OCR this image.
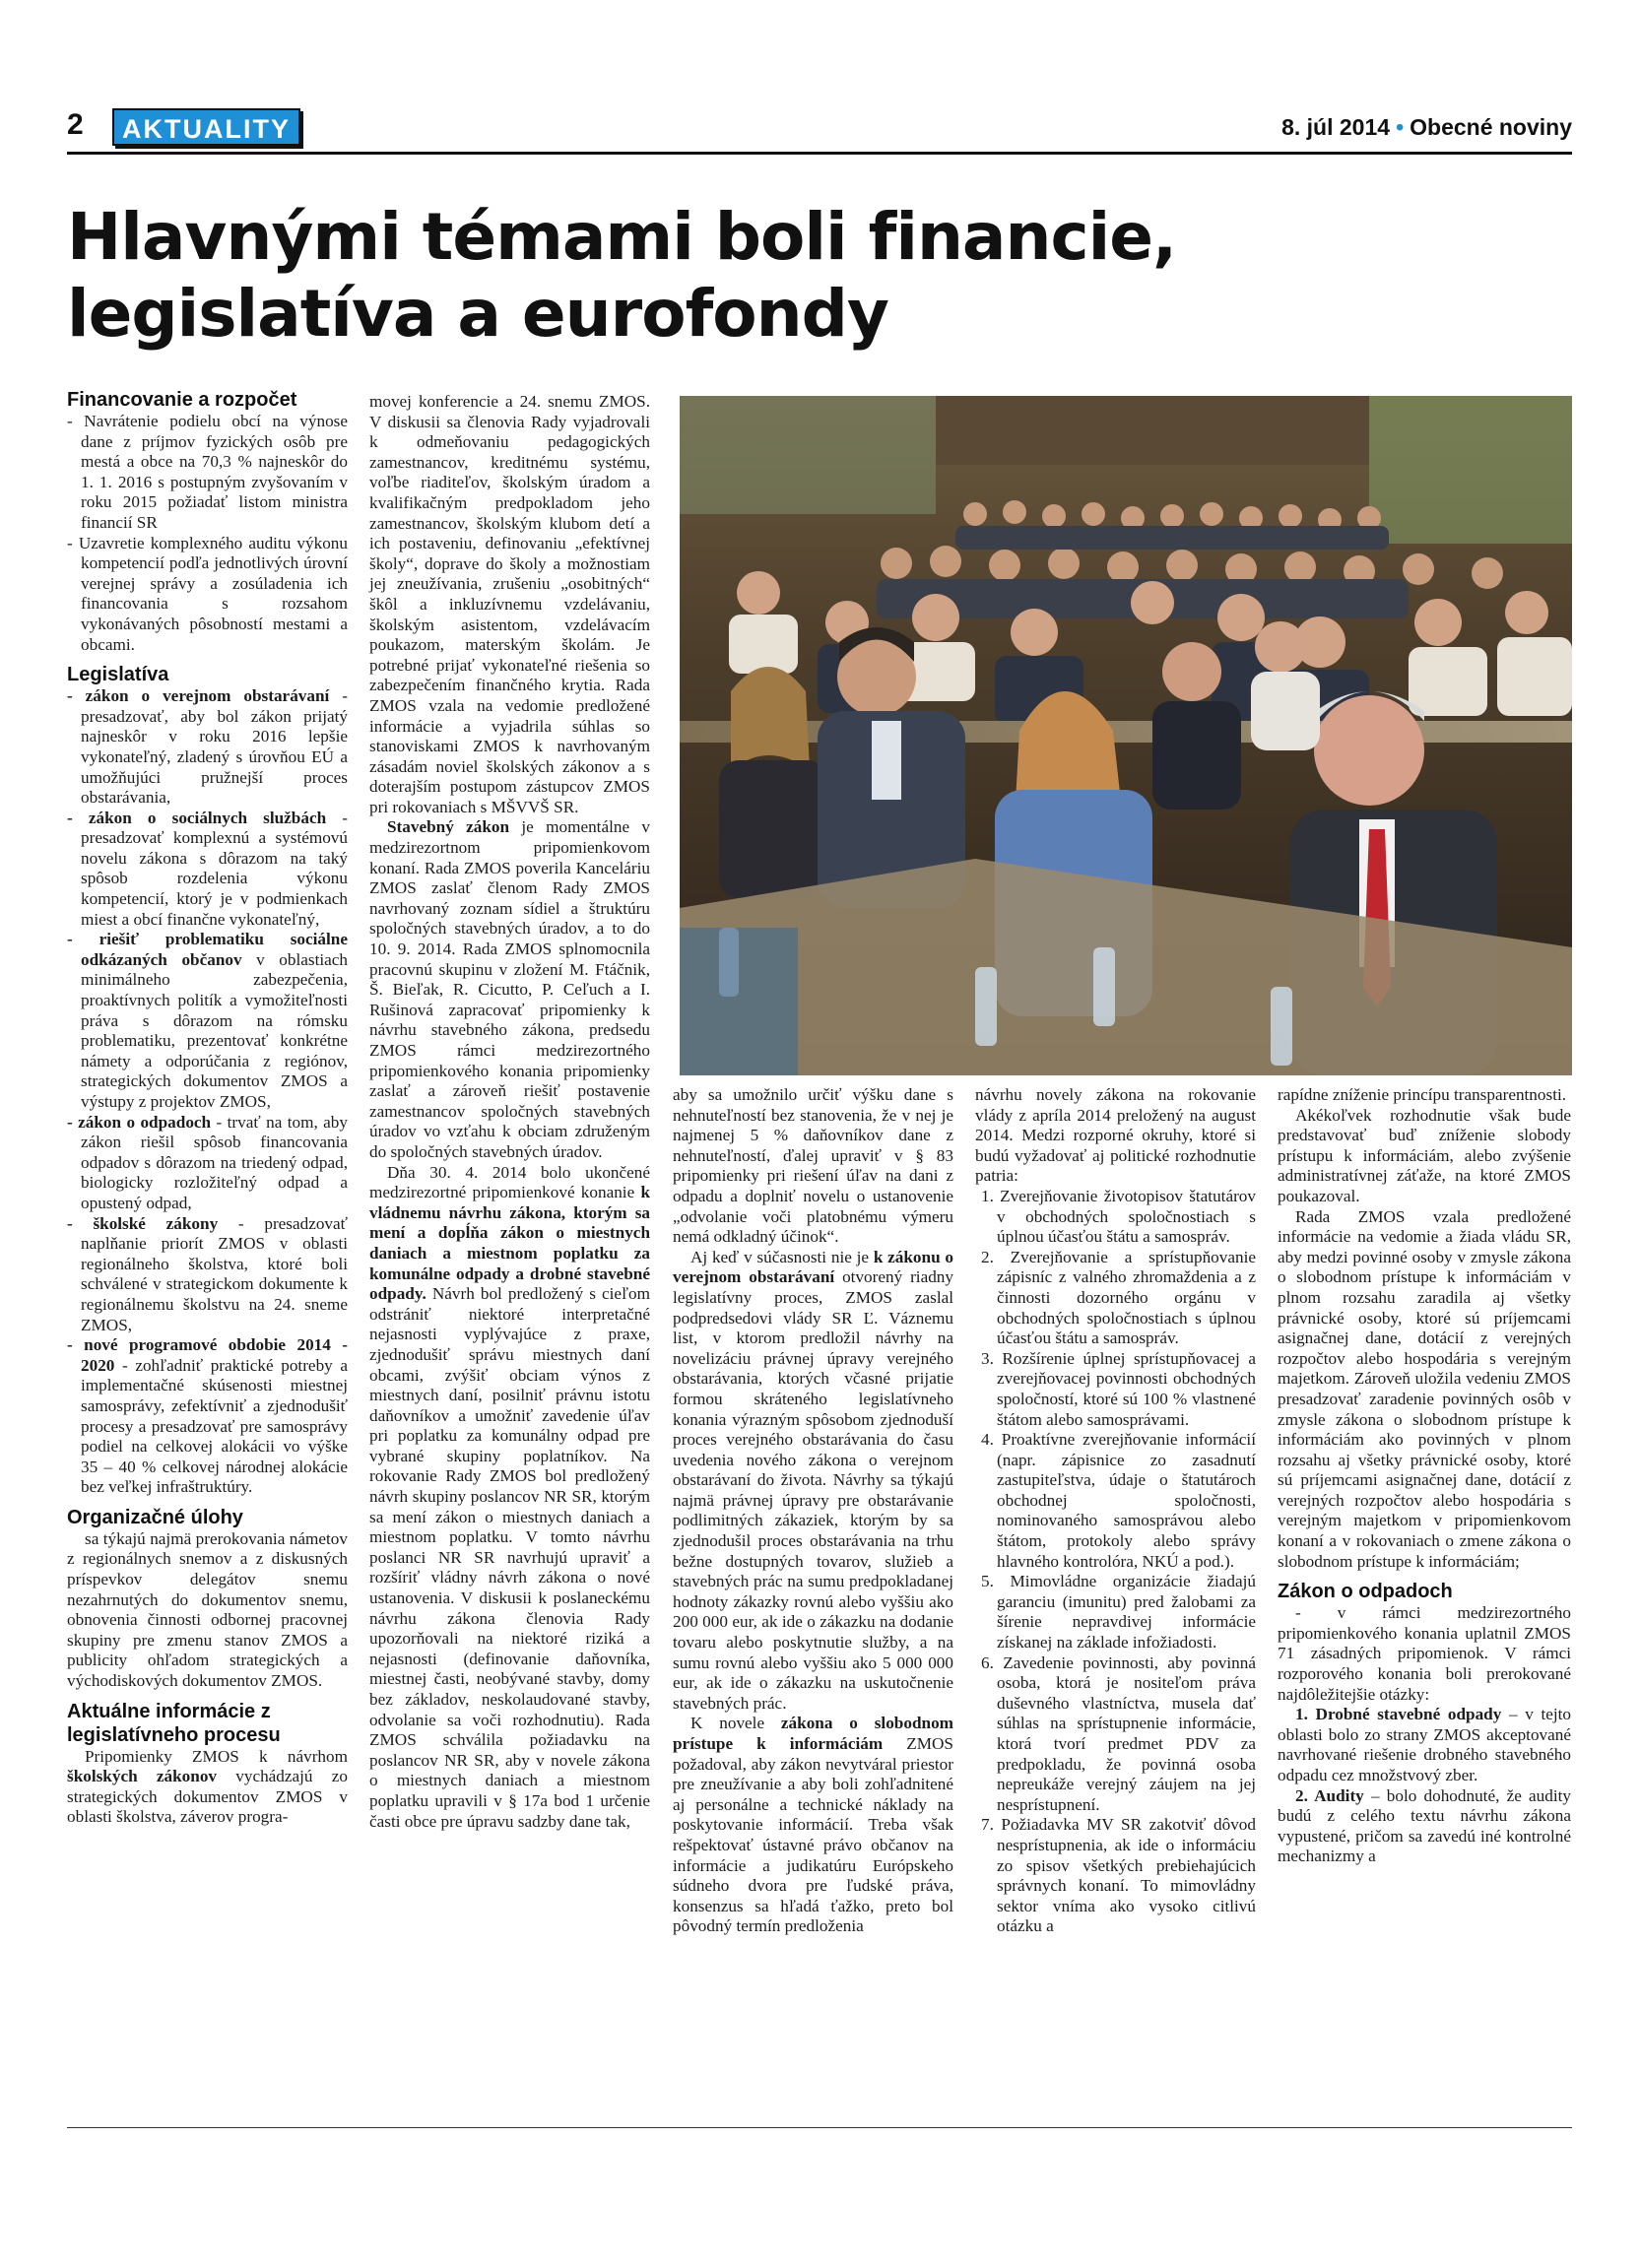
2	AKTUALITY	8. júl 2014 • Obecné noviny
Hlavnými témami boli financie,
legislatíva a eurofondy

Financovanie a rozpočet

- Navrátenie podielu obcí na výnose dane z príjmov fyzických osôb pre mestá a obce na 70,3 % najneskôr do 1. 1. 2016 s postupným zvyšovaním v roku 2015 požiadať listom ministra financií SR

- Uzavretie komplexného auditu výkonu kompetencií podľa jednotlivých úrovní verejnej správy a zosúladenia ich financovania s rozsahom vykonávaných pôsobností mestami a obcami.

Legislatíva

- zákon o verejnom obstarávaní - presadzovať, aby bol zákon prijatý najneskôr v roku 2016 lepšie vykonateľný, zladený s úrovňou EÚ a umožňujúci pružnejší proces obstarávania,

- zákon o sociálnych službách - presadzovať komplexnú a systémovú novelu zákona s dôrazom na taký spôsob rozdelenia výkonu kompetencií, ktorý je v podmienkach miest a obcí finančne vykonateľný,

- riešiť problematiku sociálne odkázaných občanov v oblastiach minimálneho zabezpečenia, proaktívnych politík a vymožiteľnosti práva s dôrazom na rómsku problematiku, prezentovať konkrétne námety a odporúčania z regiónov, strategických dokumentov ZMOS a výstupy z projektov ZMOS,

- zákon o odpadoch - trvať na tom, aby zákon riešil spôsob financovania odpadov s dôrazom na triedený odpad, biologicky rozložiteľný odpad a opustený odpad,

- školské zákony - presadzovať naplňanie priorít ZMOS v oblasti regionálneho školstva, ktoré boli schválené v strategickom dokumente k regionálnemu školstvu na 24. sneme ZMOS,

- nové programové obdobie 2014 - 2020 - zohľadniť praktické potreby a implementačné skúsenosti miestnej samosprávy, zefektívniť a zjednodušiť procesy a presadzovať pre samosprávy podiel na celkovej alokácii vo výške 35 – 40 % celkovej národnej alokácie bez veľkej infraštruktúry.

Organizačné úlohy

sa týkajú najmä prerokovania námetov z regionálnych snemov a z diskusných príspevkov delegátov snemu nezahrnutých do dokumentov snemu, obnovenia činnosti odbornej pracovnej skupiny pre zmenu stanov ZMOS a publicity ohľadom strategických a východiskových dokumentov ZMOS.

Aktuálne informácie z legislatívneho procesu

Pripomienky ZMOS k návrhom školských zákonov vychádzajú zo strategických dokumentov ZMOS v oblasti školstva, záverov progra-

movej konferencie a 24. snemu ZMOS. V diskusii sa členovia Rady vyjadrovali k odmeňovaniu pedagogických zamestnancov, kreditnému systému, voľbe riaditeľov, školským úradom a kvalifikačným predpokladom jeho zamestnancov, školským klubom detí a ich postaveniu, definovaniu „efektívnej školy“, doprave do školy a možnostiam jej zneužívania, zrušeniu „osobitných“ škôl a inkluzívnemu vzdelávaniu, školským asistentom, vzdelávacím poukazom, materským školám. Je potrebné prijať vykonateľné riešenia so zabezpečením finančného krytia. Rada ZMOS vzala na vedomie predložené informácie a vyjadrila súhlas so stanoviskami ZMOS k navrhovaným zásadám noviel školských zákonov a s doterajším postupom zástupcov ZMOS pri rokovaniach s MŠVVŠ SR.

Stavebný zákon je momentálne v medzirezortnom pripomienkovom konaní. Rada ZMOS poverila Kanceláriu ZMOS zaslať členom Rady ZMOS navrhovaný zoznam sídiel a štruktúru spoločných stavebných úradov, a to do 10. 9. 2014. Rada ZMOS splnomocnila pracovnú skupinu v zložení M. Ftáčnik, Š. Bieľak, R. Cicutto, P. Ceľuch a I. Rušinová zapracovať pripomienky k návrhu stavebného zákona, predsedu ZMOS rámci medzirezortného pripomienkového konania pripomienky zaslať a zároveň riešiť postavenie zamestnancov spoločných stavebných úradov vo vzťahu k obciam združeným do spoločných stavebných úradov.

Dňa 30. 4. 2014 bolo ukončené medzirezortné pripomienkové konanie k vládnemu návrhu zákona, ktorým sa mení a dopĺňa zákon o miestnych daniach a miestnom poplatku za komunálne odpady a drobné stavebné odpady. Návrh bol predložený s cieľom odstrániť niektoré interpretačné nejasnosti vyplývajúce z praxe, zjednodušiť správu miestnych daní obcami, zvýšiť obciam výnos z miestnych daní, posilniť právnu istotu daňovníkov a umožniť zavedenie úľav pri poplatku za komunálny odpad pre vybrané skupiny poplatníkov. Na rokovanie Rady ZMOS bol predložený návrh skupiny poslancov NR SR, ktorým sa mení zákon o miestnych daniach a miestnom poplatku. V tomto návrhu poslanci NR SR navrhujú upraviť a rozšíriť vládny návrh zákona o nové ustanovenia. V diskusii k poslaneckému návrhu zákona členovia Rady upozorňovali na niektoré riziká a nejasnosti (definovanie daňovníka, miestnej časti, neobývané stavby, domy bez základov, neskolaudované stavby, odvolanie sa voči rozhodnutiu). Rada ZMOS schválila požiadavku na poslancov NR SR, aby v novele zákona o miestnych daniach a miestnom poplatku upravili v § 17a bod 1 určenie časti obce pre úpravu sadzby dane tak,

aby sa umožnilo určiť výšku dane s nehnuteľností bez stanovenia, že v nej je najmenej 5 % daňovníkov dane z nehnuteľností, ďalej upraviť v § 83 pripomienky pri riešení úľav na dani z odpadu a doplniť novelu o ustanovenie „odvolanie voči platobnému výmeru nemá odkladný účinok“.

Aj keď v súčasnosti nie je k zákonu o verejnom obstarávaní otvorený riadny legislatívny proces, ZMOS zaslal podpredsedovi vlády SR Ľ. Váznemu list, v ktorom predložil návrhy na novelizáciu právnej úpravy verejného obstarávania, ktorých včasné prijatie formou skráteného legislatívneho konania výrazným spôsobom zjednoduší proces verejného obstarávania do času uvedenia nového zákona o verejnom obstarávaní do života. Návrhy sa týkajú najmä právnej úpravy pre obstarávanie podlimitných zákaziek, ktorým by sa zjednodušil proces obstarávania na trhu bežne dostupných tovarov, služieb a stavebných prác na sumu predpokladanej hodnoty zákazky rovnú alebo vyššiu ako 200 000 eur, ak ide o zákazku na dodanie tovaru alebo poskytnutie služby, a na sumu rovnú alebo vyššiu ako 5 000 000 eur, ak ide o zákazku na uskutočnenie stavebných prác.

K novele zákona o slobodnom prístupe k informáciám ZMOS požadoval, aby zákon nevytváral priestor pre zneužívanie a aby boli zohľadnitené aj personálne a technické náklady na poskytovanie informácií. Treba však rešpektovať ústavné právo občanov na informácie a judikatúru Európskeho súdneho dvora pre ľudské práva, konsenzus sa hľadá ťažko, preto bol pôvodný termín predloženia

návrhu novely zákona na rokovanie vlády z apríla 2014 preložený na august 2014. Medzi rozporné okruhy, ktoré si budú vyžadovať aj politické rozhodnutie patria:

1. Zverejňovanie životopisov štatutárov v obchodných spoločnostiach s úplnou účasťou štátu a samospráv.

2. Zverejňovanie a sprístupňovanie zápisníc z valného zhromaždenia a z činnosti dozorného orgánu v obchodných spoločnostiach s úplnou účasťou štátu a samospráv.

3. Rozšírenie úplnej sprístupňovacej a zverejňovacej povinnosti obchodných spoločností, ktoré sú 100 % vlastnené štátom alebo samosprávami.

4. Proaktívne zverejňovanie informácií (napr. zápisnice zo zasadnutí zastupiteľstva, údaje o štatutároch obchodnej spoločnosti, nominovaného samosprávou alebo štátom, protokoly alebo správy hlavného kontrolóra, NKÚ a pod.).

5. Mimovládne organizácie žiadajú garanciu (imunitu) pred žalobami za šírenie nepravdivej informácie získanej na základe infožiadosti.

6. Zavedenie povinnosti, aby povinná osoba, ktorá je nositeľom práva duševného vlastníctva, musela dať súhlas na sprístupnenie informácie, ktorá tvorí predmet PDV za predpokladu, že povinná osoba nepreukáže verejný záujem na jej nesprístupnení.

7. Požiadavka MV SR zakotviť dôvod nesprístupnenia, ak ide o informáciu zo spisov všetkých prebiehajúcich správnych konaní. To mimovládny sektor vníma ako vysoko citlivú otázku a

rapídne zníženie princípu transparentnosti.

Akékoľvek rozhodnutie však bude predstavovať buď zníženie slobody prístupu k informáciám, alebo zvýšenie administratívnej záťaže, na ktoré ZMOS poukazoval.

Rada ZMOS vzala predložené informácie na vedomie a žiada vládu SR, aby medzi povinné osoby v zmysle zákona o slobodnom prístupe k informáciám v plnom rozsahu zaradila aj všetky právnické osoby, ktoré sú príjemcami asignačnej dane, dotácií z verejných rozpočtov alebo hospodária s verejným majetkom. Zároveň uložila vedeniu ZMOS presadzovať zaradenie povinných osôb v zmysle zákona o slobodnom prístupe k informáciám ako povinných v plnom rozsahu aj všetky právnické osoby, ktoré sú príjemcami asignačnej dane, dotácií z verejných rozpočtov alebo hospodária s verejným majetkom v pripomienkovom konaní a v rokovaniach o zmene zákona o slobodnom prístupe k informáciám;

Zákon o odpadoch

- v rámci medzirezortného pripomienkového konania uplatnil ZMOS 71 zásadných pripomienok. V rámci rozporového konania boli prerokované najdôležitejšie otázky:

1. Drobné stavebné odpady – v tejto oblasti bolo zo strany ZMOS akceptované navrhované riešenie drobného stavebného odpadu cez množstvový zber.

2. Audity – bolo dohodnuté, že audity budú z celého textu návrhu zákona vypustené, pričom sa zavedú iné kontrolné mechanizmy a
